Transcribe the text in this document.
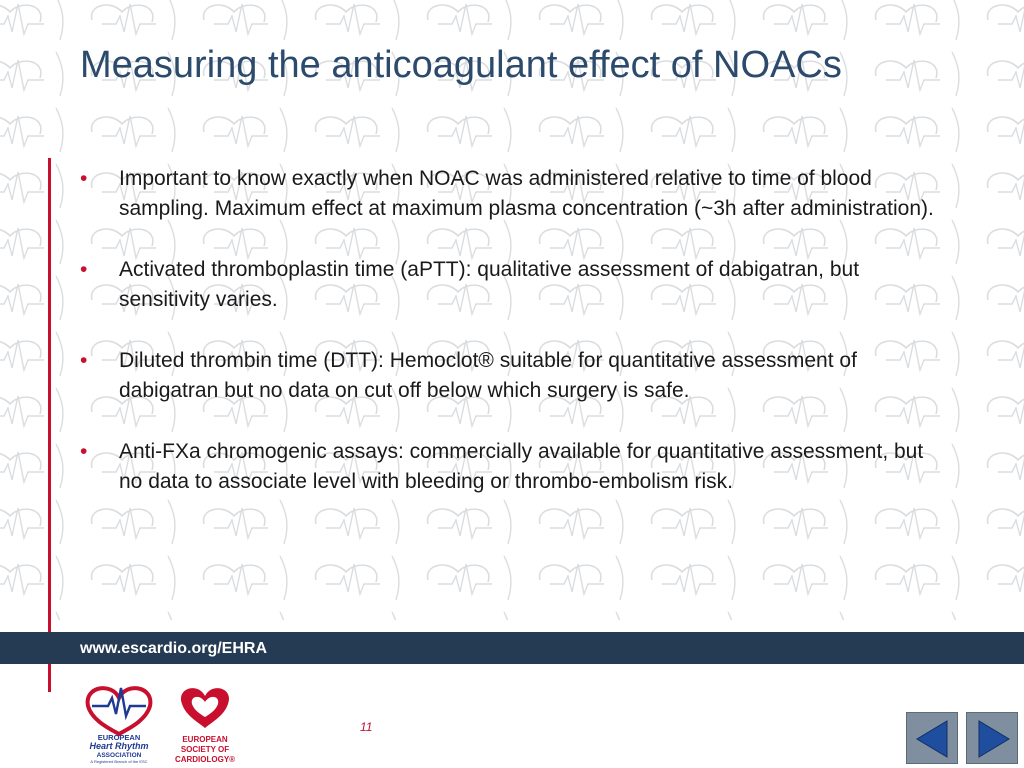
Measuring the anticoagulant effect of NOACs
• Important to know exactly when NOAC was administered relative to time of blood sampling. Maximum effect at maximum plasma concentration (~3h after administration).
• Activated thromboplastin time (aPTT): qualitative assessment of dabigatran, but sensitivity varies.
• Diluted thrombin time (DTT): Hemoclot® suitable for quantitative assessment of dabigatran but no data on cut off below which surgery is safe.
• Anti-FXa chromogenic assays: commercially available for quantitative assessment, but no data to associate level with bleeding or thrombo-embolism risk.
www.escardio.org/EHRA
EUROPEAN
Heart Rhythm
ASSOCIATION
A Registered Branch of the ESC
EUROPEAN
SOCIETY OF
CARDIOLOGY®
11
